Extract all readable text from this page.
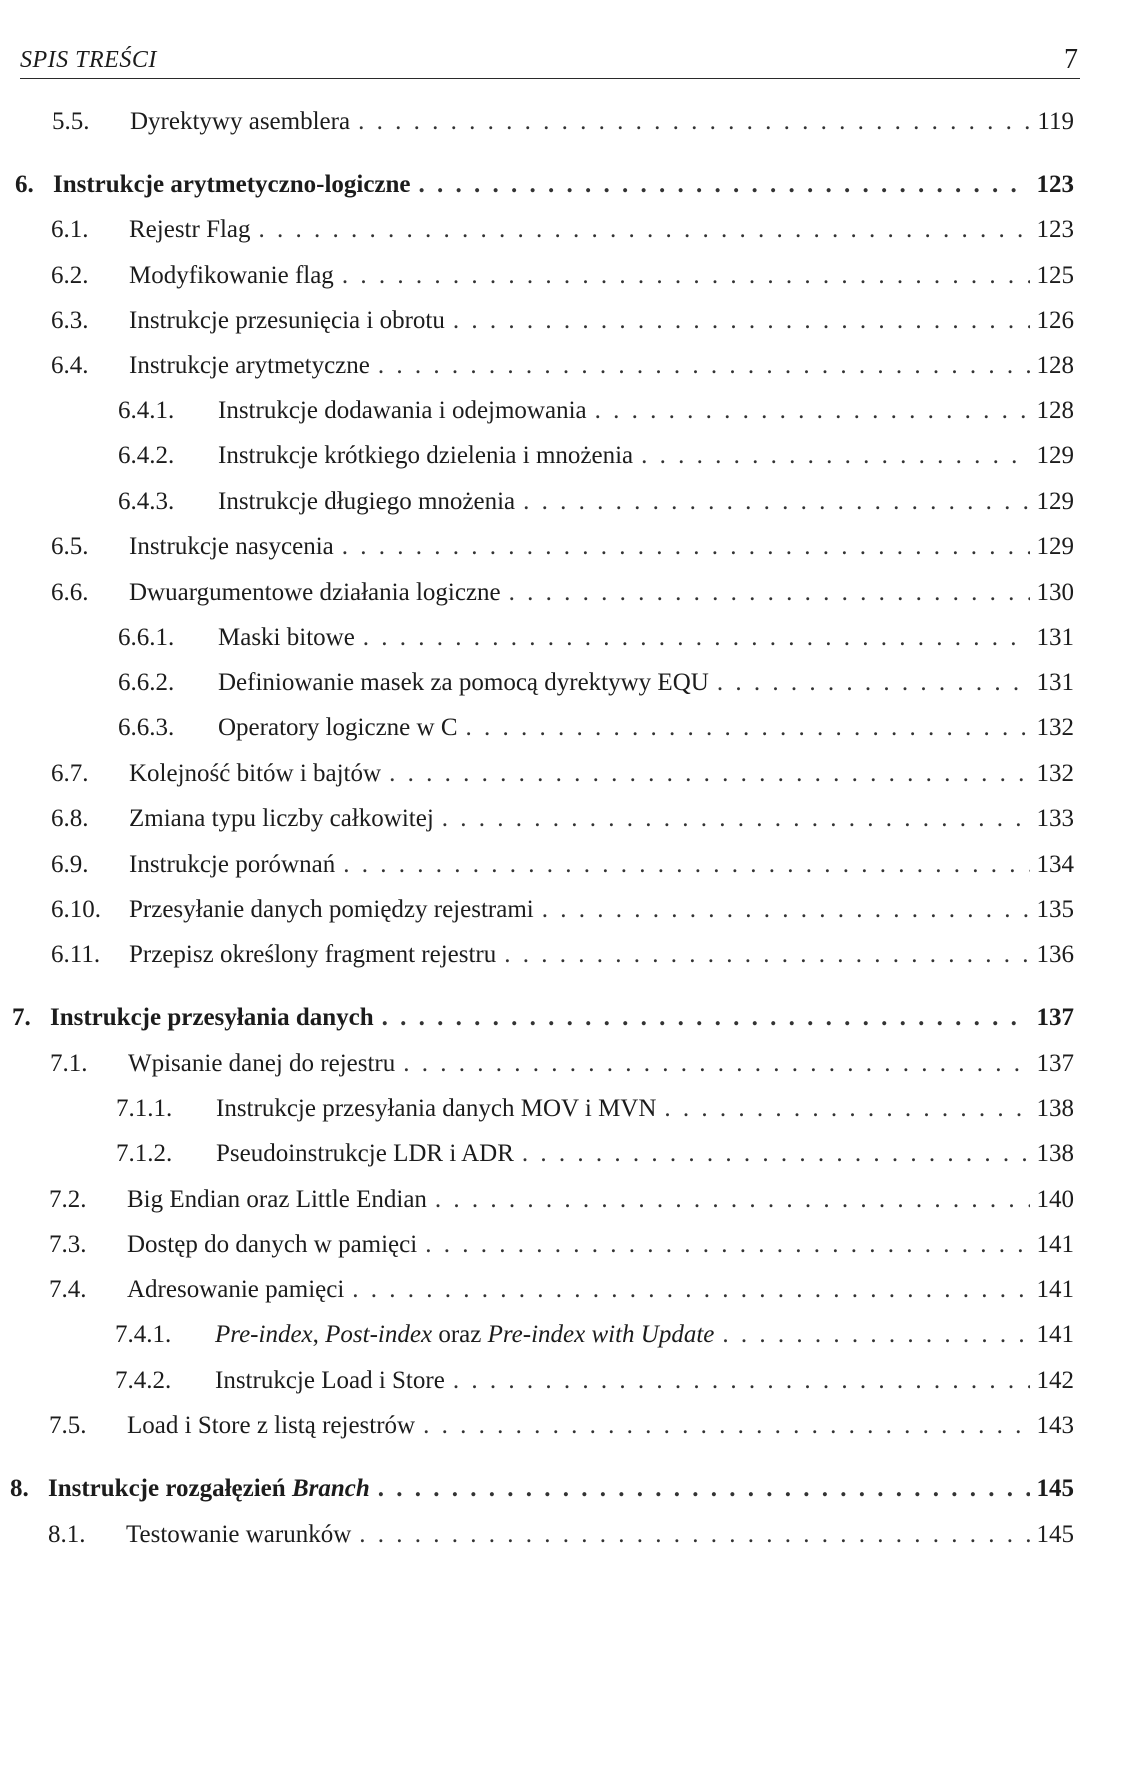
SPIS TREŚCI	7
5.5.	Dyrektywy asemblera . . .	119
6. Instrukcje arytmetyczno-logiczne . . .	123
6.1.	Rejestr Flag . . .	123
6.2.	Modyfikowanie flag . . .	125
6.3.	Instrukcje przesunięcia i obrotu . . .	126
6.4.	Instrukcje arytmetyczne . . .	128
6.4.1.	Instrukcje dodawania i odejmowania . . .	128
6.4.2.	Instrukcje krótkiego dzielenia i mnożenia . . .	129
6.4.3.	Instrukcje długiego mnożenia . . .	129
6.5.	Instrukcje nasycenia . . .	129
6.6.	Dwuargumentowe działania logiczne . . .	130
6.6.1.	Maski bitowe . . .	131
6.6.2.	Definiowanie masek za pomocą dyrektywy EQU . . .	131
6.6.3.	Operatory logiczne w C . . .	132
6.7.	Kolejność bitów i bajtów . . .	132
6.8.	Zmiana typu liczby całkowitej . . .	133
6.9.	Instrukcje porównań . . .	134
6.10.	Przesyłanie danych pomiędzy rejestrami . . .	135
6.11.	Przepisz określony fragment rejestru . . .	136
7. Instrukcje przesyłania danych . . .	137
7.1.	Wpisanie danej do rejestru . . .	137
7.1.1.	Instrukcje przesyłania danych MOV i MVN . . .	138
7.1.2.	Pseudoinstrukcje LDR i ADR . . .	138
7.2.	Big Endian oraz Little Endian . . .	140
7.3.	Dostęp do danych w pamięci . . .	141
7.4.	Adresowanie pamięci . . .	141
7.4.1.	Pre-index, Post-index oraz Pre-index with Update . . .	141
7.4.2.	Instrukcje Load i Store . . .	142
7.5.	Load i Store z listą rejestrów . . .	143
8. Instrukcje rozgałęzień Branch . . .	145
8.1.	Testowanie warunków . . .	145
